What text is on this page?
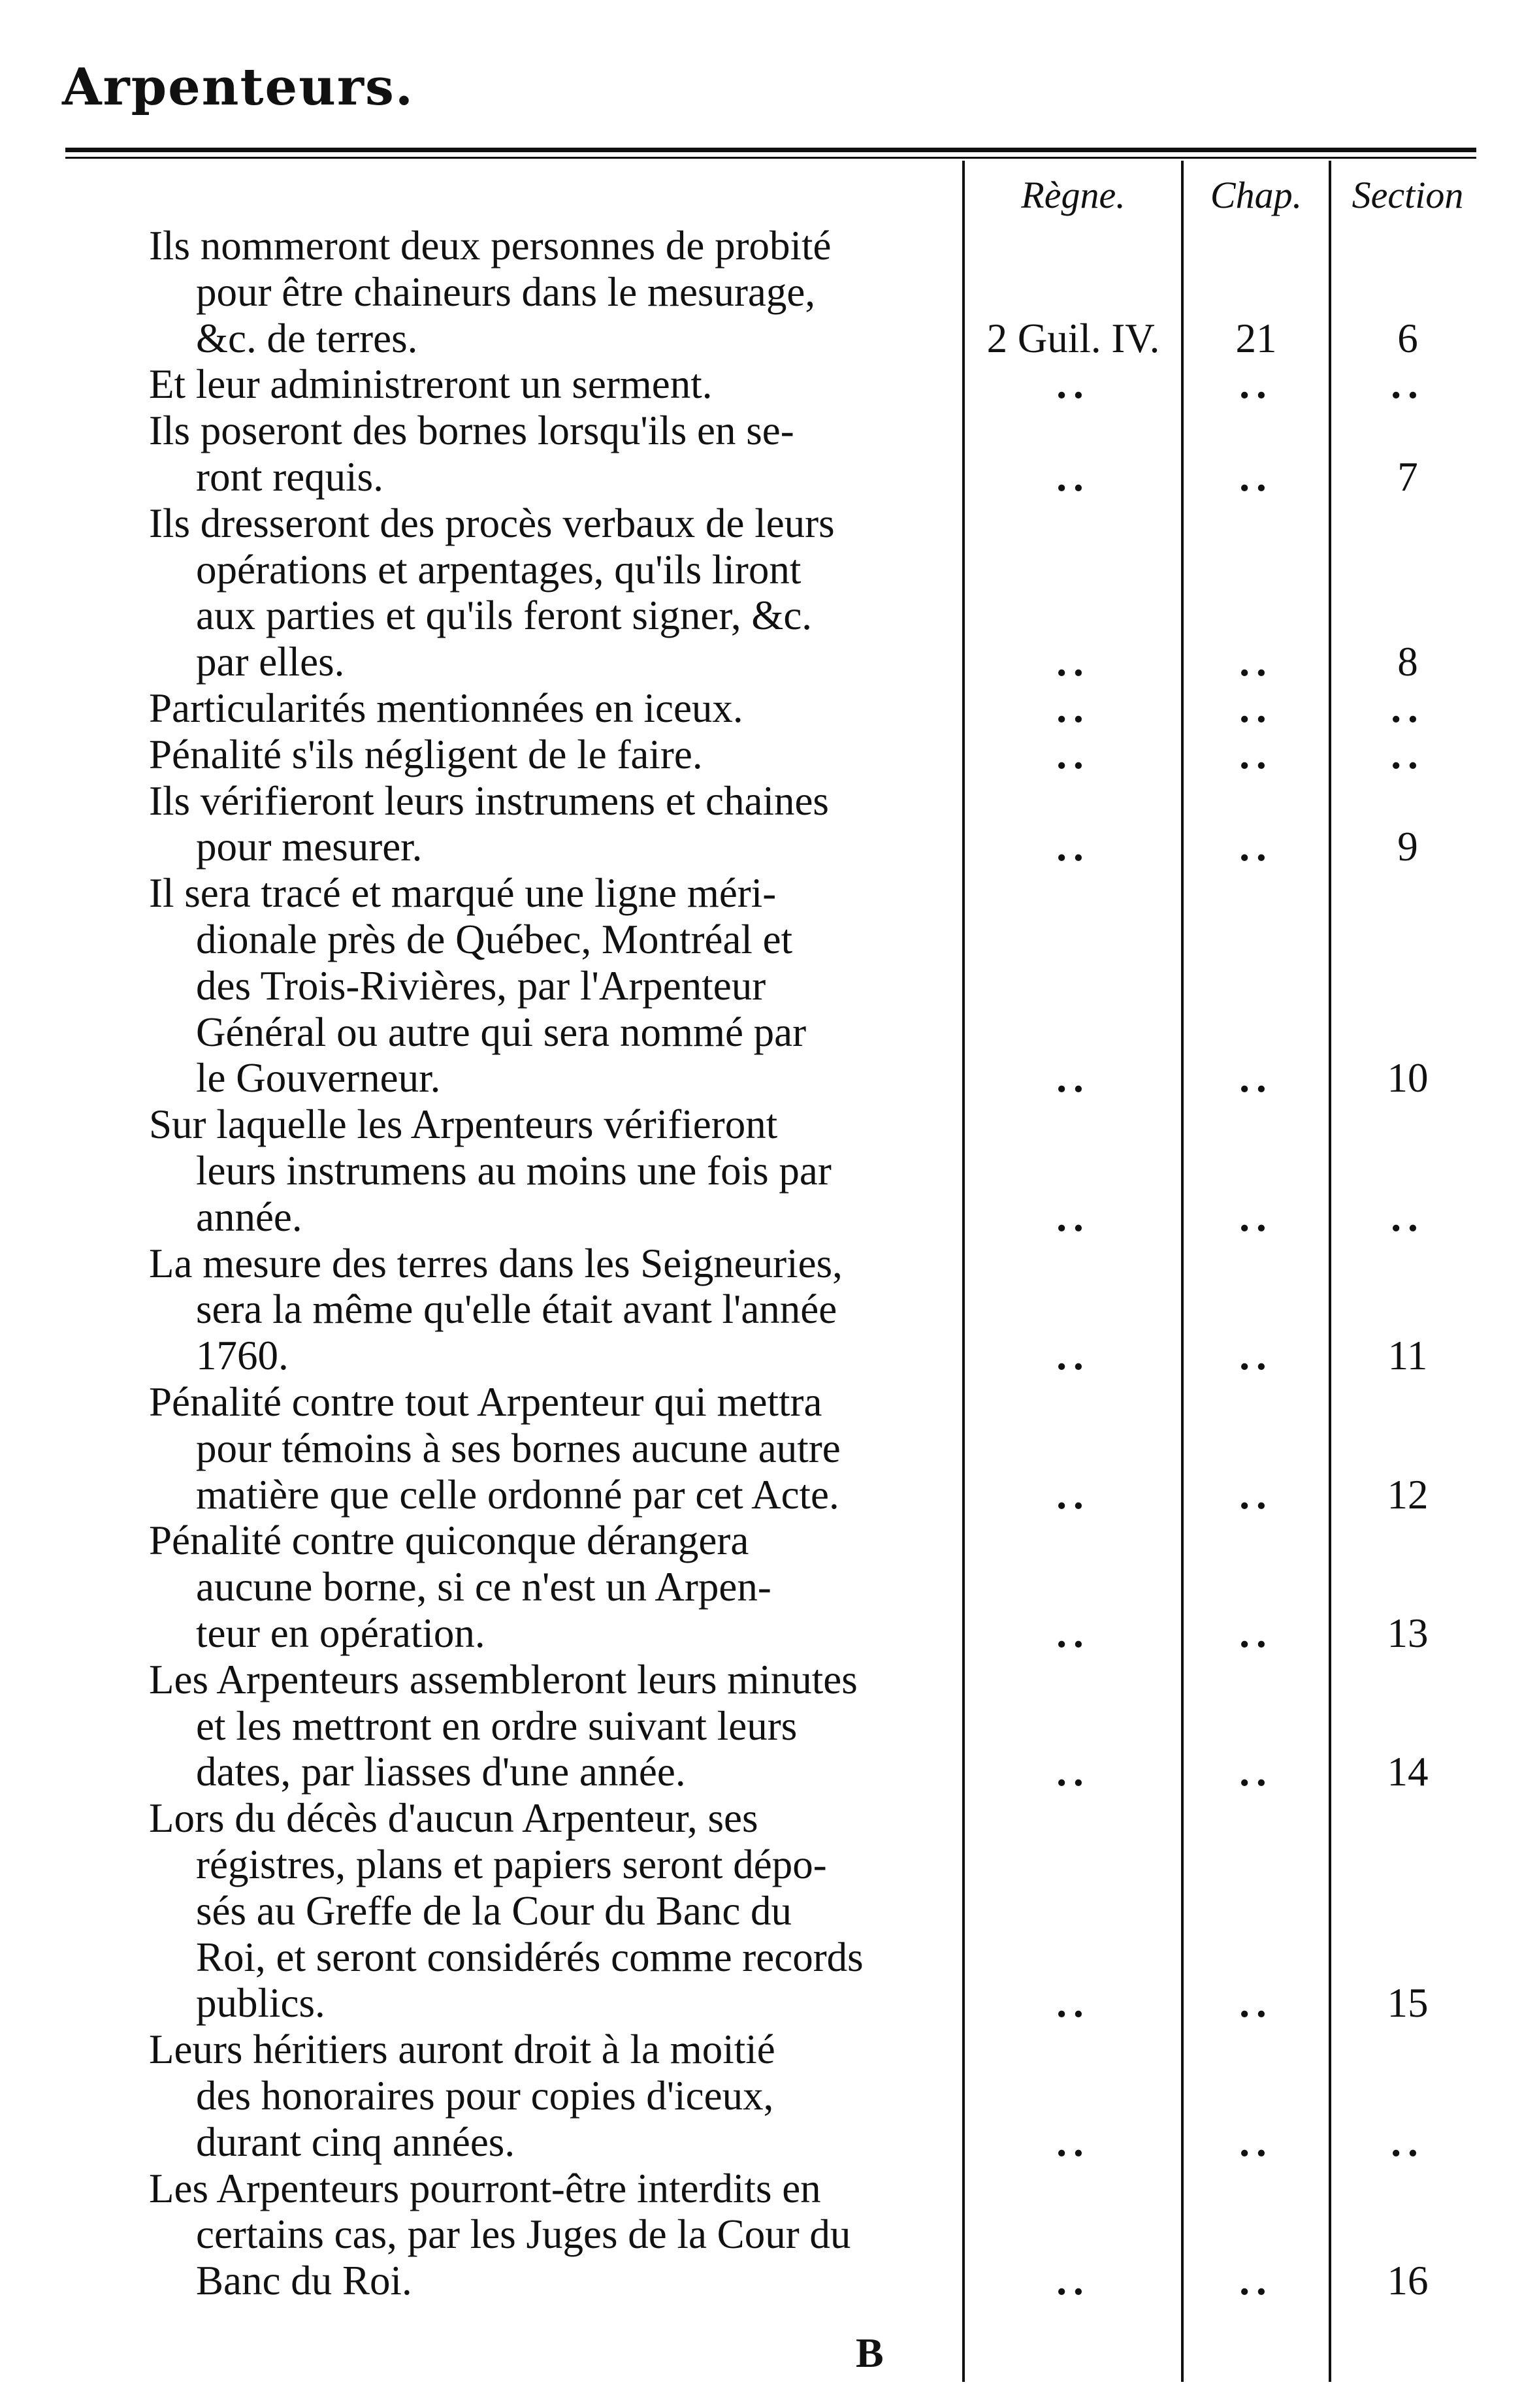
Arpenteurs.
Règne.	Chap.	Section
Ils nommeront deux personnes de probité
pour être chaineurs dans le mesurage,
&c. de terres.	2 Guil. IV.	21	6
Et leur administreront un serment.	..	..	..
Ils poseront des bornes lorsqu'ils en se-
ront requis.	..	..	7
Ils dresseront des procès verbaux de leurs
opérations et arpentages, qu'ils liront
aux parties et qu'ils feront signer, &c.
par elles.	..	..	8
Particularités mentionnées en iceux.	..	..	..
Pénalité s'ils négligent de le faire.	..	..	..
Ils vérifieront leurs instrumens et chaines
pour mesurer.	..	..	9
Il sera tracé et marqué une ligne méri-
dionale près de Québec, Montréal et
des Trois-Rivières, par l'Arpenteur
Général ou autre qui sera nommé par
le Gouverneur.	..	..	10
Sur laquelle les Arpenteurs vérifieront
leurs instrumens au moins une fois par
année.	..	..	..
La mesure des terres dans les Seigneuries,
sera la même qu'elle était avant l'année
1760.	..	..	11
Pénalité contre tout Arpenteur qui mettra
pour témoins à ses bornes aucune autre
matière que celle ordonné par cet Acte.	..	..	12
Pénalité contre quiconque dérangera
aucune borne, si ce n'est un Arpen-
teur en opération.	..	..	13
Les Arpenteurs assembleront leurs minutes
et les mettront en ordre suivant leurs
dates, par liasses d'une année.	..	..	14
Lors du décès d'aucun Arpenteur, ses
régistres, plans et papiers seront dépo-
sés au Greffe de la Cour du Banc du
Roi, et seront considérés comme records
publics.	..	..	15
Leurs héritiers auront droit à la moitié
des honoraires pour copies d'iceux,
durant cinq années.	..	..	..
Les Arpenteurs pourront-être interdits en
certains cas, par les Juges de la Cour du
Banc du Roi.	..	..	16
B
